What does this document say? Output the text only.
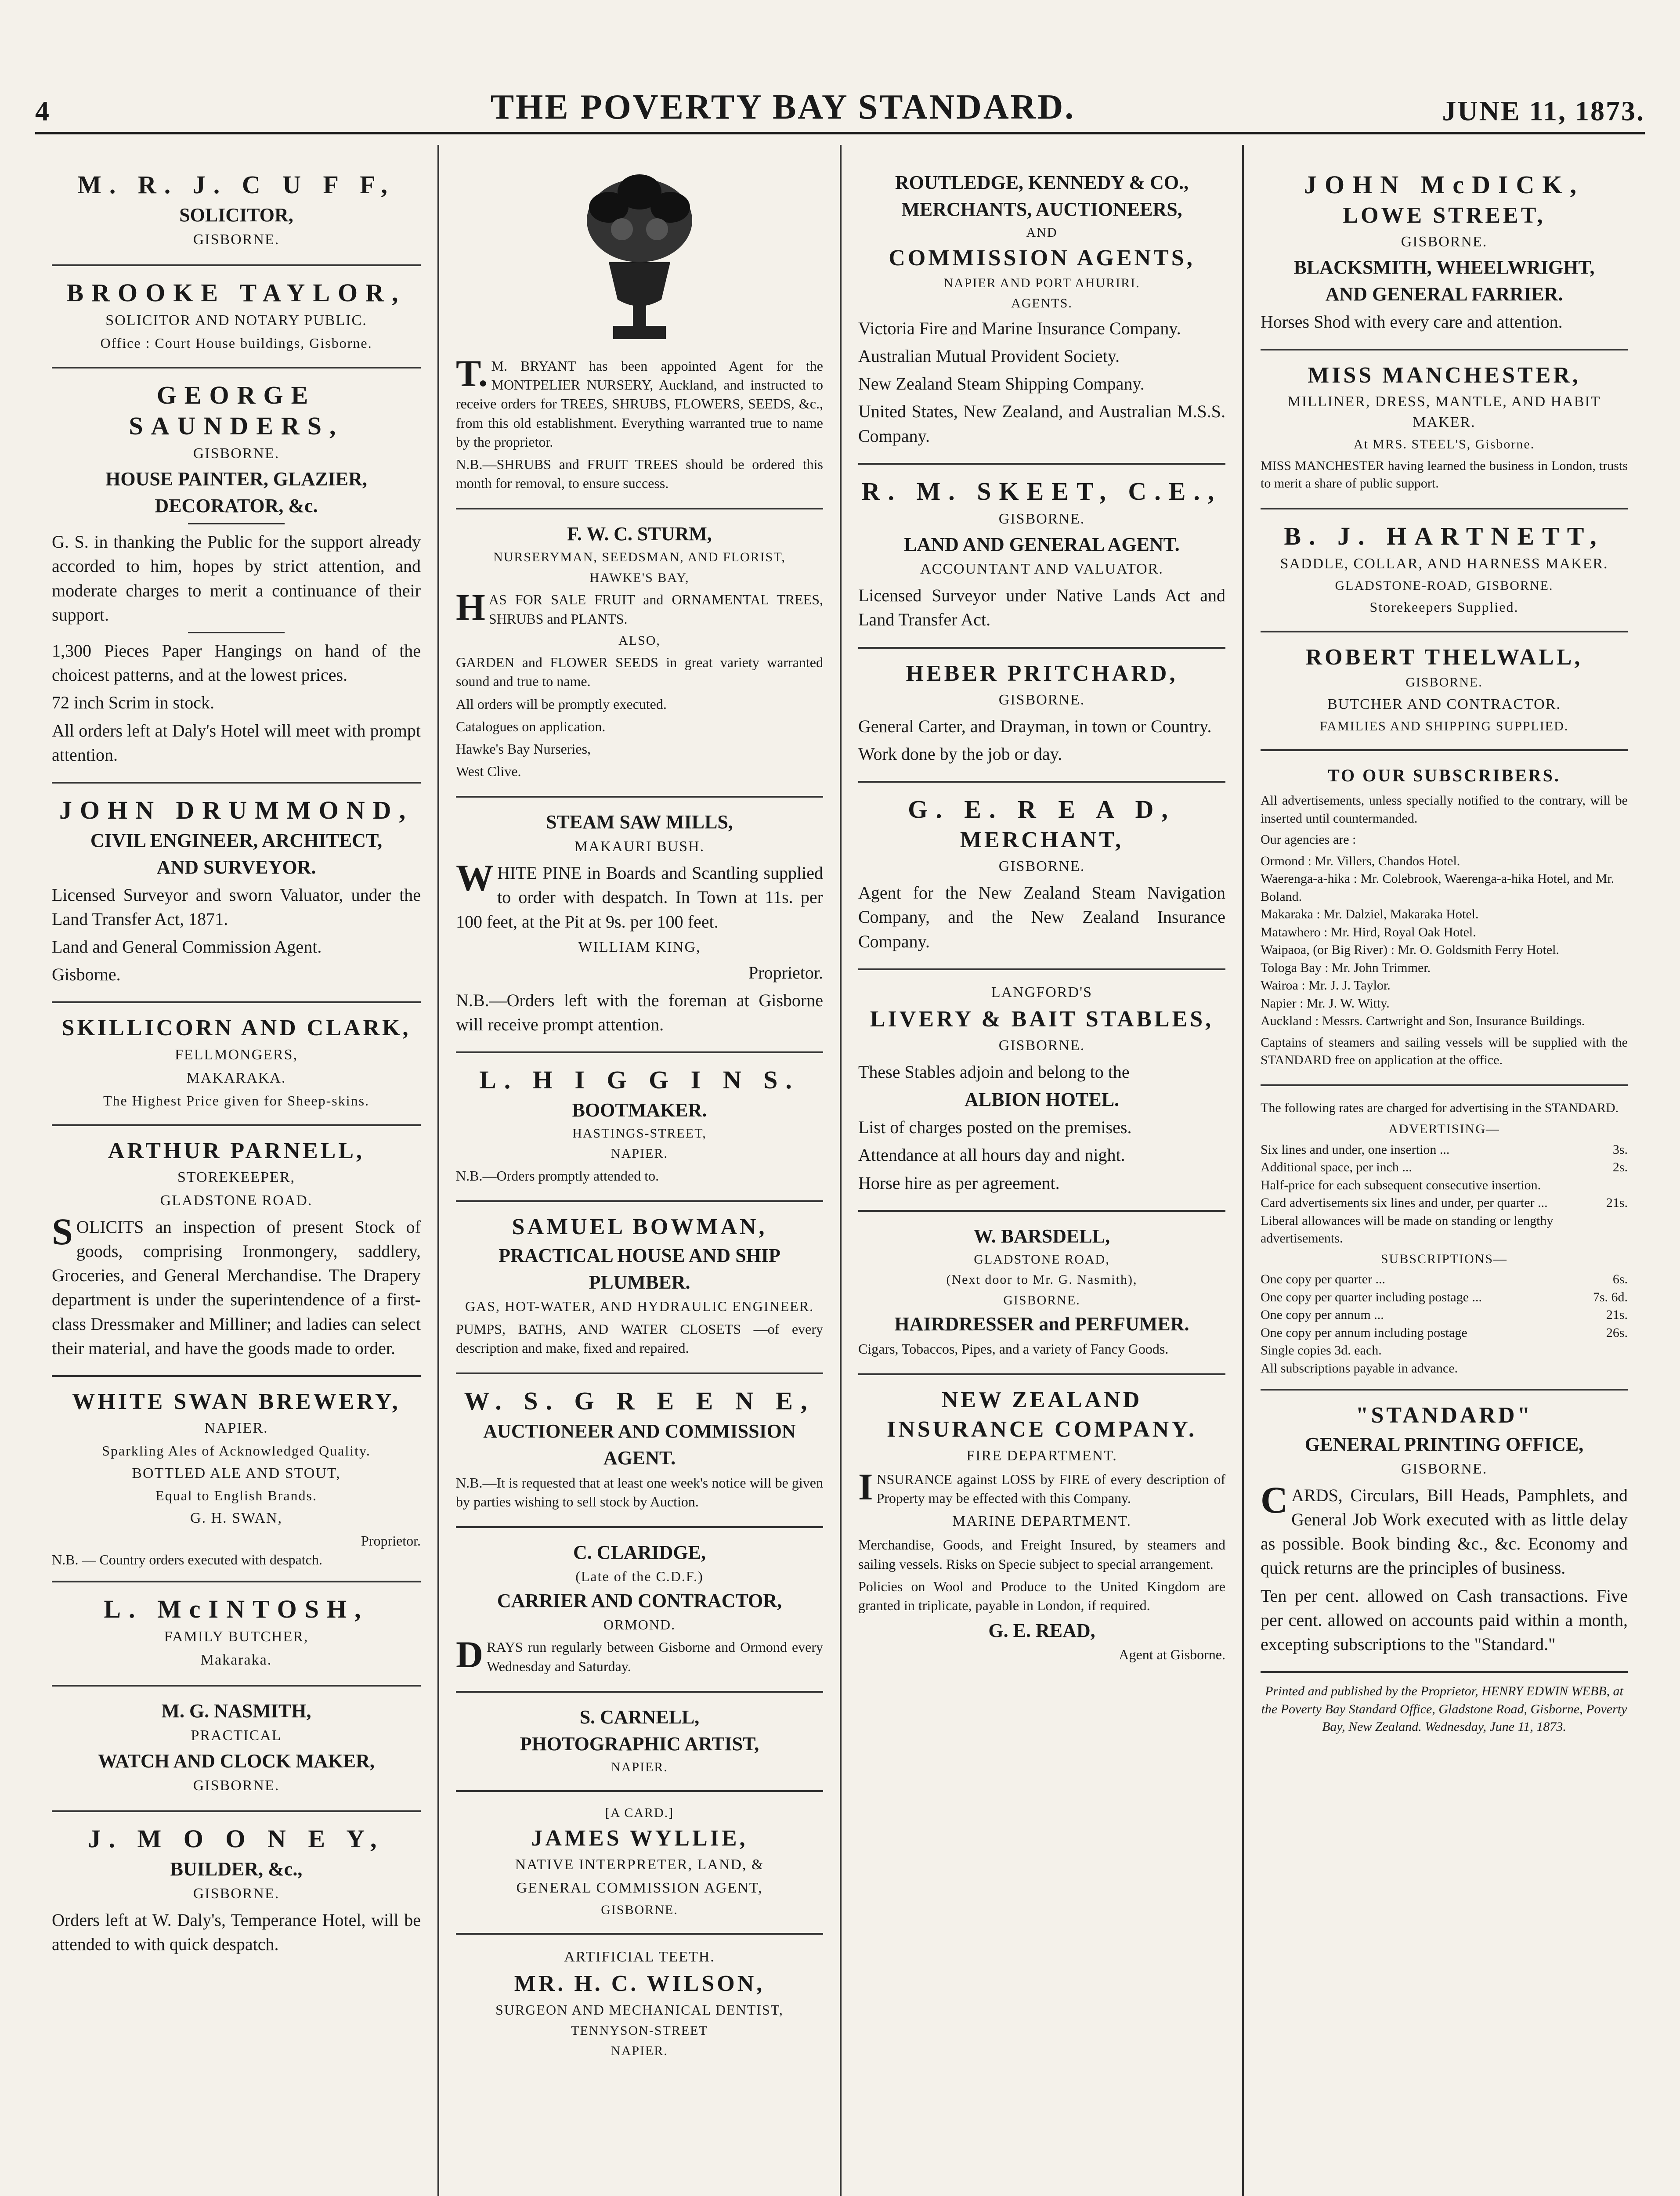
4	THE POVERTY BAY STANDARD.	JUNE 11, 1873.
M. R. J. C U F F,
SOLICITOR,
GISBORNE.
BROOKE TAYLOR,
SOLICITOR AND NOTARY PUBLIC.
Office : Court House buildings, Gisborne.
GEORGE SAUNDERS,
GISBORNE.
HOUSE PAINTER, GLAZIER,
DECORATOR, &c.

G. S. in thanking the Public for the support already accorded to him, hopes by strict attention, and moderate charges to merit a continuance of their support.

1,300 Pieces Paper Hangings on hand of the choicest patterns, and at the lowest prices.

72 inch Scrim in stock.

All orders left at Daly's Hotel will meet with prompt attention.

JOHN DRUMMOND,
CIVIL ENGINEER, ARCHITECT,
AND SURVEYOR.

Licensed Surveyor and sworn Valuator, under the Land Transfer Act, 1871.

Land and General Commission Agent.

Gisborne.

SKILLICORN AND CLARK,
FELLMONGERS,
MAKARAKA.
The Highest Price given for Sheep-skins.
ARTHUR PARNELL,
STOREKEEPER,
GLADSTONE ROAD.

SOLICITS an inspection of present Stock of goods, comprising Ironmongery, saddlery, Groceries, and General Merchandise. The Drapery department is under the superintendence of a first-class Dressmaker and Milliner; and ladies can select their material, and have the goods made to order.

WHITE SWAN BREWERY,
NAPIER.
Sparkling Ales of Acknowledged Quality.
BOTTLED ALE AND STOUT,
Equal to English Brands.
G. H. SWAN,
Proprietor.
N.B. — Country orders executed with despatch.
L. McINTOSH,
FAMILY BUTCHER,
Makaraka.
M. G. NASMITH,
PRACTICAL
WATCH AND CLOCK MAKER,
GISBORNE.
J. M O O N E Y,
BUILDER, &c.,
GISBORNE.

Orders left at W. Daly's, Temperance Hotel, will be attended to with quick despatch.

T.M. BRYANT has been appointed Agent for the MONTPELIER NURSERY, Auckland, and instructed to receive orders for TREES, SHRUBS, FLOWERS, SEEDS, &c., from this old establishment. Everything warranted true to name by the proprietor.

N.B.—SHRUBS and FRUIT TREES should be ordered this month for removal, to ensure success.

F. W. C. STURM,
NURSERYMAN, SEEDSMAN, AND FLORIST,
HAWKE'S BAY,

HAS FOR SALE FRUIT and ORNAMENTAL TREES, SHRUBS and PLANTS.

ALSO,

GARDEN and FLOWER SEEDS in great variety warranted sound and true to name.

All orders will be promptly executed.

Catalogues on application.

Hawke's Bay Nurseries,

West Clive.

STEAM SAW MILLS,
MAKAURI BUSH.

WHITE PINE in Boards and Scantling supplied to order with despatch. In Town at 11s. per 100 feet, at the Pit at 9s. per 100 feet.

WILLIAM KING,
Proprietor.

N.B.—Orders left with the foreman at Gisborne will receive prompt attention.

L. H I G G I N S.
BOOTMAKER.
HASTINGS-STREET,
NAPIER.

N.B.—Orders promptly attended to.

SAMUEL BOWMAN,
PRACTICAL HOUSE AND SHIP
PLUMBER.
GAS, HOT-WATER, AND HYDRAULIC ENGINEER.

PUMPS, BATHS, AND WATER CLOSETS —of every description and make, fixed and repaired.

W. S. G R E E N E,
AUCTIONEER AND COMMISSION
AGENT.

N.B.—It is requested that at least one week's notice will be given by parties wishing to sell stock by Auction.

C. CLARIDGE,
(Late of the C.D.F.)
CARRIER AND CONTRACTOR,
ORMOND.

DRAYS run regularly between Gisborne and Ormond every Wednesday and Saturday.

S. CARNELL,
PHOTOGRAPHIC ARTIST,
NAPIER.
[A CARD.]
JAMES WYLLIE,
NATIVE INTERPRETER, LAND, &
GENERAL COMMISSION AGENT,
GISBORNE.
ARTIFICIAL TEETH.
MR. H. C. WILSON,
SURGEON AND MECHANICAL DENTIST,
TENNYSON-STREET
NAPIER.
ROUTLEDGE, KENNEDY & CO.,
MERCHANTS, AUCTIONEERS,
AND
COMMISSION AGENTS,
NAPIER AND PORT AHURIRI.
AGENTS.

Victoria Fire and Marine Insurance Company.

Australian Mutual Provident Society.

New Zealand Steam Shipping Company.

United States, New Zealand, and Australian M.S.S. Company.

R. M. SKEET, C.E.,
GISBORNE.
LAND AND GENERAL AGENT.
ACCOUNTANT AND VALUATOR.

Licensed Surveyor under Native Lands Act and Land Transfer Act.

HEBER PRITCHARD,
GISBORNE.

General Carter, and Drayman, in town or Country.

Work done by the job or day.

G. E. R E A D,
MERCHANT,
GISBORNE.

Agent for the New Zealand Steam Navigation Company, and the New Zealand Insurance Company.

LANGFORD'S
LIVERY & BAIT STABLES,
GISBORNE.

These Stables adjoin and belong to the

ALBION HOTEL.

List of charges posted on the premises.

Attendance at all hours day and night.

Horse hire as per agreement.

W. BARSDELL,
GLADSTONE ROAD,
(Next door to Mr. G. Nasmith),
GISBORNE.
HAIRDRESSER and PERFUMER.

Cigars, Tobaccos, Pipes, and a variety of Fancy Goods.

NEW ZEALAND
INSURANCE COMPANY.
FIRE DEPARTMENT.

INSURANCE against LOSS by FIRE of every description of Property may be effected with this Company.

MARINE DEPARTMENT.

Merchandise, Goods, and Freight Insured, by steamers and sailing vessels. Risks on Specie subject to special arrangement.

Policies on Wool and Produce to the United Kingdom are granted in triplicate, payable in London, if required.

G. E. READ,
Agent at Gisborne.
JOHN McDICK,
LOWE STREET,
GISBORNE.
BLACKSMITH, WHEELWRIGHT,
AND GENERAL FARRIER.

Horses Shod with every care and attention.

MISS MANCHESTER,
MILLINER, DRESS, MANTLE, AND HABIT MAKER.
At MRS. STEEL'S, Gisborne.

MISS MANCHESTER having learned the business in London, trusts to merit a share of public support.

B. J. HARTNETT,
SADDLE, COLLAR, AND HARNESS MAKER.
GLADSTONE-ROAD, GISBORNE.
Storekeepers Supplied.
ROBERT THELWALL,
GISBORNE.
BUTCHER AND CONTRACTOR.
FAMILIES AND SHIPPING SUPPLIED.
TO OUR SUBSCRIBERS.

All advertisements, unless specially notified to the contrary, will be inserted until countermanded.

Our agencies are :

Ormond : Mr. Villers, Chandos Hotel.
Waerenga-a-hika : Mr. Colebrook, Waerenga-a-hika Hotel, and Mr. Boland.
Makaraka : Mr. Dalziel, Makaraka Hotel.
Matawhero : Mr. Hird, Royal Oak Hotel.
Waipaoa, (or Big River) : Mr. O. Goldsmith Ferry Hotel.
Tologa Bay : Mr. John Trimmer.
Wairoa : Mr. J. J. Taylor.
Napier : Mr. J. W. Witty.
Auckland : Messrs. Cartwright and Son, Insurance Buildings.

Captains of steamers and sailing vessels will be supplied with the STANDARD free on application at the office.

The following rates are charged for advertising in the STANDARD.

ADVERTISING—
Six lines and under, one insertion ...	3s.
Additional space, per inch ...	2s.
Half-price for each subsequent consecutive insertion.
Card advertisements six lines and under, per quarter ...	21s.
Liberal allowances will be made on standing or lengthy advertisements.
SUBSCRIPTIONS—
One copy per quarter ...	6s.
One copy per quarter including postage ...	7s. 6d.
One copy per annum ...	21s.
One copy per annum including postage	26s.
Single copies 3d. each.
All subscriptions payable in advance.
"STANDARD"
GENERAL PRINTING OFFICE,
GISBORNE.

CARDS, Circulars, Bill Heads, Pamphlets, and General Job Work executed with as little delay as possible. Book binding &c., &c. Economy and quick returns are the principles of business.

Ten per cent. allowed on Cash transactions. Five per cent. allowed on accounts paid within a month, excepting subscriptions to the "Standard."

Printed and published by the Proprietor, HENRY EDWIN WEBB, at the Poverty Bay Standard Office, Gladstone Road, Gisborne, Poverty Bay, New Zealand. Wednesday, June 11, 1873.
